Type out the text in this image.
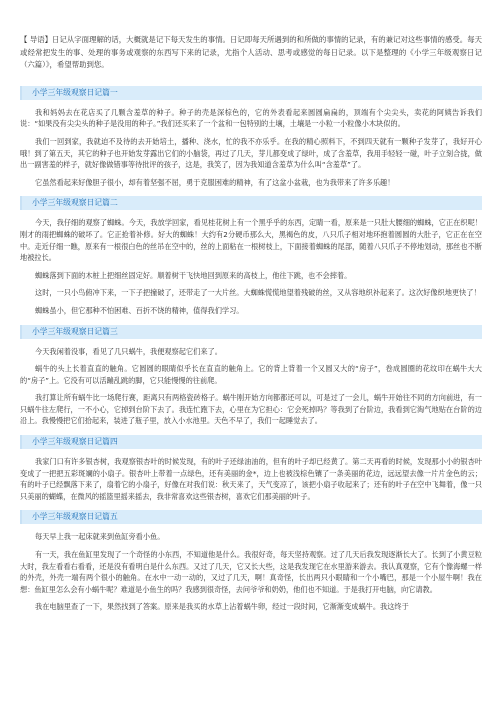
【 导语】日记从字面理解的话，大概就是记下每天发生的事情。日记即每天所遇到的和所做的事情的记录，有的兼记对这些事情的感受。每天或经常把发生的事、处理的事务或观察的东西写下来的记录，尤指个人活动、思考或感觉的每日记录。以下是整理的《小学三年级观察日记（六篇）》，希望帮助到您。

小学三年级观察日记篇一

我和妈妈去在花店买了几颗含羞草的种子。种子的壳是深棕色的，它的外表看起来圆圆扁扁的，顶端有个尖尖头，卖花的阿姨告诉我们说：“如果没有尖尖头的种子是没用的种子。”我们还买来了一个盆和一包特别的土壤，土壤是一小粒一小粒像小木块似的。

我们一回到家，我就迫不及待的去开始培土，播种、浇水，忙的我不亦乐乎。在我的精心照料下，不到四天就有一颗种子发芽了，我好开心哦！到了第五天，其它的种子也开始发芽露出它们的小脑袋，再过了几天，芽儿都变成了绿叶，成了含羞草，我用手轻轻一碰，叶子立刻合拢，做出一副害羞的样子，就好像做错事等待批评的孩子，这是，我笑了，因为我知道含羞草为什么叫“含羞草”了。

它虽然看起来好像胆子很小，却有着坚强不屈，勇于克服困难的精神，有了这盆小盆栽，也为我带来了许多乐趣！

小学三年级观察日记篇二

今天，我仔细的观察了蜘蛛。今天，我放学回家，看见桂花树上有一个黑乎乎的东西，定睛一看，原来是一只肚大腰细的蜘蛛，它正在织呢！刚才的雨把蜘蛛的破坏了。它正抢着补修。好大的蜘蛛！大约有2分硬币那么大，黑褐色的皮，八只爪子相对地环抱着圆圆的大肚子，它正在在空中。走近仔细一瞧，原来有一根很白色的丝吊在空中的，丝的上面粘在一根树枝上，下面接着蜘蛛的尾部，随着八只爪子不停地划动，那丝也不断地被拉长。

蜘蛛落到下面的木桩上把细丝固定好。顺着树干飞快地回到原来的高枝上，他往下跳，也不会摔着。

这时，一只小鸟俯冲下来，一下子把撞破了，还带走了一大片丝。大蜘蛛慌慌地望着残破的丝，又从容地织补起来了。这次好像织地更快了！

蜘蛛虽小，但它那种不怕困难、百折不饶的精神，值得我们学习。

小学三年级观察日记篇三

今天我闲着没事，看见了几只蜗牛，我便观察起它们来了。

蜗牛的头上长着直直的触角。它圆圆的眼睛似乎长在直直的触角上。它的背上背着一个又圆又大的“房子”，卷成圆圈的花纹印在蜗牛大大的“房子”上。它没有可以活蹦乱跳的脚，它只能慢慢的往前爬。

我打算让所有蜗牛比一场爬行赛，距离只有两格瓷砖格子。蜗牛刚开始方向都都还可以，可是过了一会儿，蜗牛开始往不同的方向前进，有一只蜗牛往左爬行，一不小心，它掉到台阶下去了。我连忙跑下去，心里在为它担心：它会死掉吗？等我到了台阶边，我看到它淘气地贴在台阶的边沿上。我慢慢把它们拾起来，装进了瓶子里，放入小水池里。天色不早了，我们一起睡觉去了。

小学三年级观察日记篇四

我家门口有许多银杏树，我观察银杏叶的时候发现，有的叶子还绿油油的，但有的叶子却已经黄了。第二天再看的时候，发现那小小的银杏叶变成了一把把五彩斑斓的小扇子。银杏叶上带着一点绿色，还有美丽的金*，边上也被浅棕色镶了一条美丽的花边，远远望去像一片片金色的云；有的叶子已经飘落下来了，扇着它的小扇子，好像在对我们说：秋天来了，天气变凉了，该把小扇子收起来了；还有的叶子在空中飞舞着，像一只只美丽的蝴蝶，在微风的摇篮里摇来摇去，我非常喜欢这些银杏树，喜欢它们那美丽的叶子。

小学三年级观察日记篇五

每天早上我一起床就来到鱼缸旁看小鱼。

有一天，我在鱼缸里发现了一个奇怪的小东西，不知道他是什么。我很好奇，每天坚持观察。过了几天后我发现逐渐长大了。长到了小黄豆粒大时，我左看看右看看，还是没有看明白是什么东西。又过了几天，它又长大些，这是我发现它在水里游来游去。我认真观察，它有个像海螺一样的外壳，外壳一端有两个很小的触角。在水中一动一动的，又过了几天，啊！真奇怪，长出两只小眼睛和一个小嘴巴，那是一个小屋牛啊！我在想：鱼缸里怎么会有小蜗牛呢？难道是小鱼生的吗？我感到很奇怪，去问爷爷和奶奶，他们也不知道。于是我打开电脑，向它请教。

我在电脑里查了一下，果然找到了答案。原来是我买的水草上沾着蜗牛卵，经过一段时间，它渐渐变成蜗牛。我这终于
